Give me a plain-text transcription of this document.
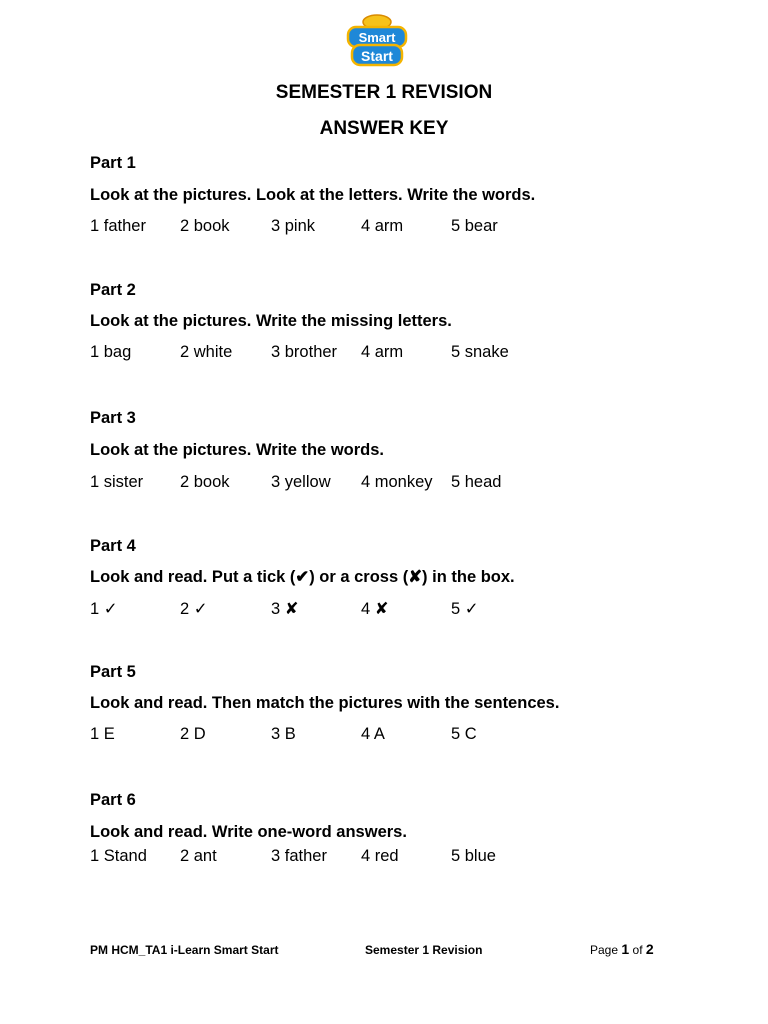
Smart
Start
SEMESTER 1 REVISION
ANSWER KEY
Part 1
Look at the pictures. Look at the letters. Write the words.
1 father 2 book	3 pink	4 arm	5 bear
Part 2
Look at the pictures. Write the missing letters.
1 bag	2 white 3 brother 4 arm	5 snake
Part 3
Look at the pictures. Write the words.
1 sister 2 book	3 yellow 4 monkey 5 head
Part 4
Look and read. Put a tick (✔) or a cross (✘) in the box.
1 ✓	2 ✓	3 ✘	4 ✘	5 ✓
Part 5
Look and read. Then match the pictures with the sentences.
1 E	2 D	3 B	4 A	5 C
Part 6
Look and read. Write one-word answers.
1 Stand 2 ant	3 father 4 red	5 blue
PM HCM_TA1 i-Learn Smart Start	Semester 1 Revision	Page 1 of 2
